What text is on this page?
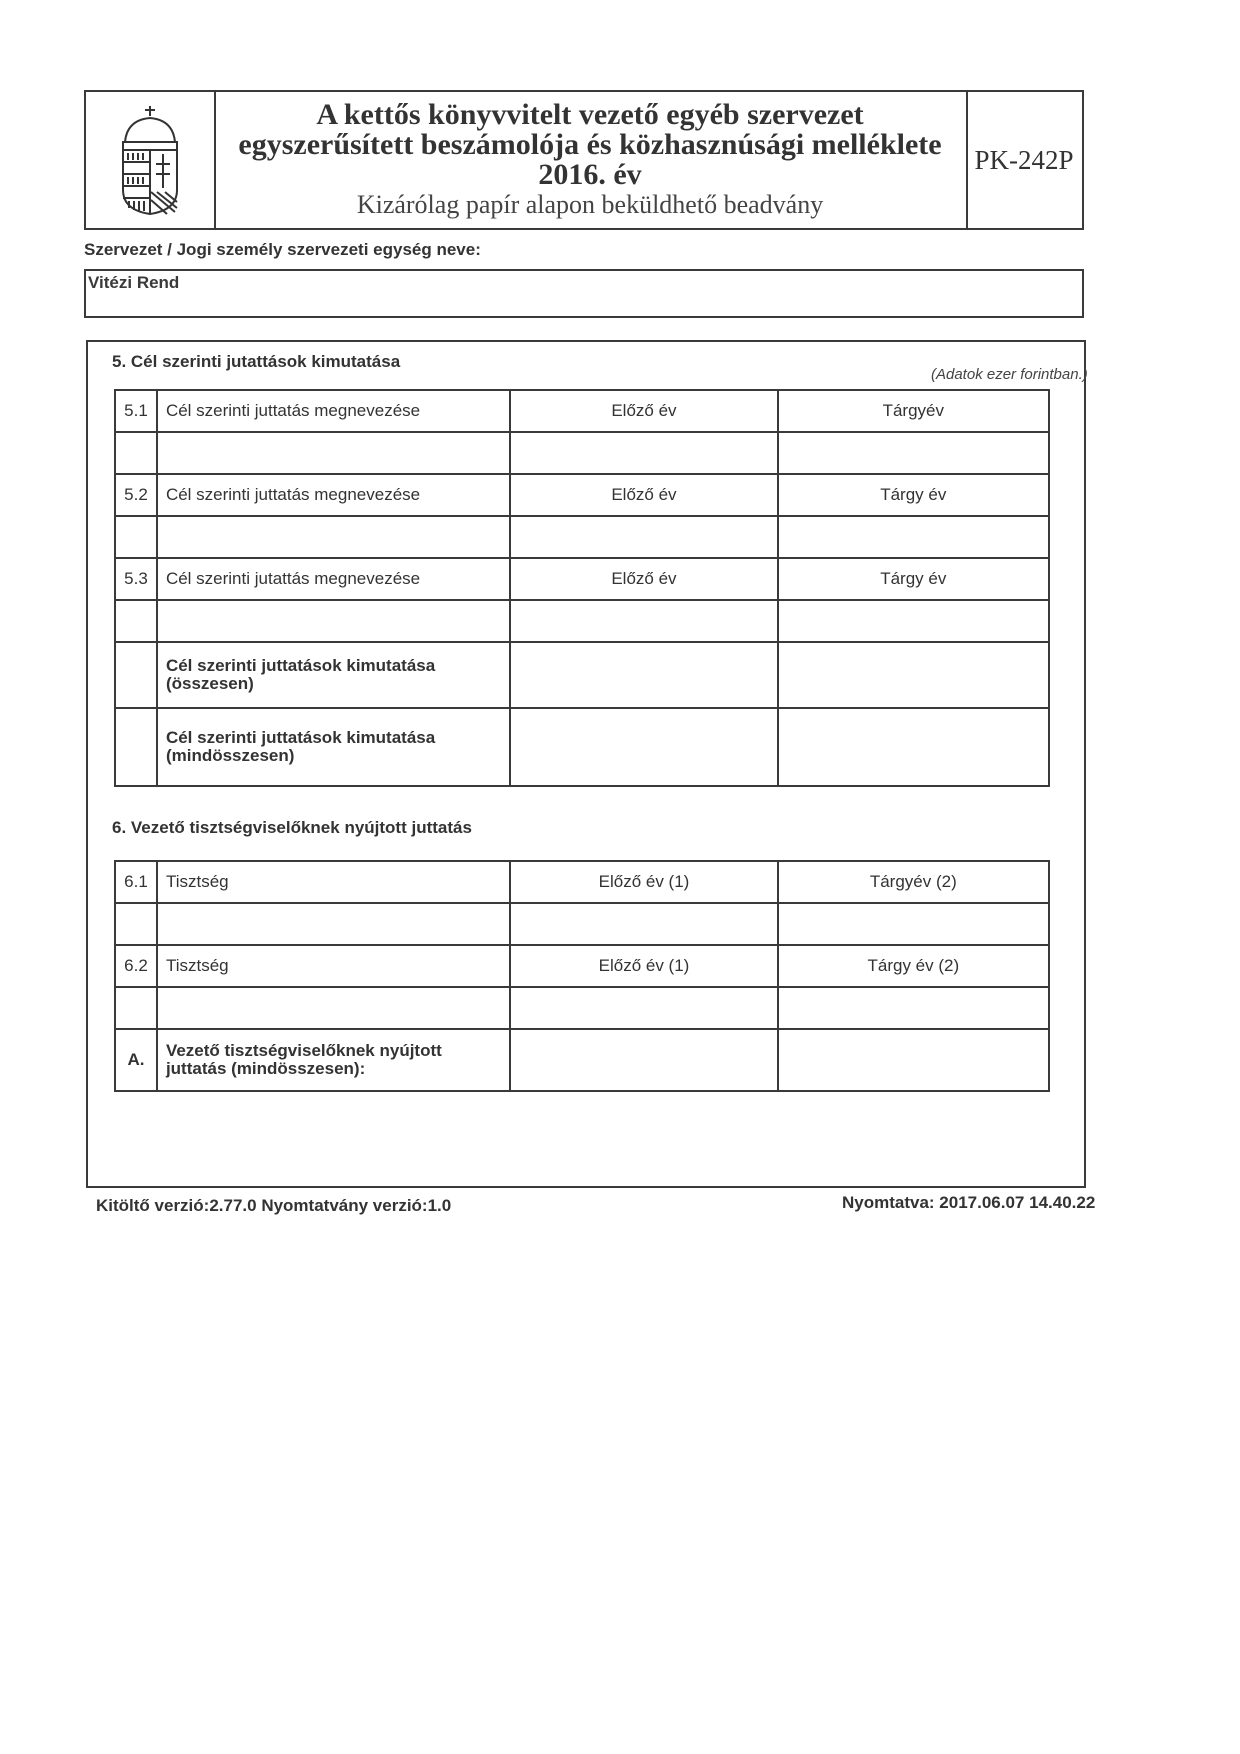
A kettős könyvvitelt vezető egyéb szervezet
egyszerűsített beszámolója és közhasznúsági melléklete
2016. év
Kizárólag papír alapon beküldhető beadvány
PK-242P
Szervezet / Jogi személy szervezeti egység neve:
Vitézi Rend
5. Cél szerinti jutattások kimutatása
(Adatok ezer forintban.)
5.1	Cél szerinti juttatás megnevezése	Előző év	Tárgyév

5.2	Cél szerinti juttatás megnevezése	Előző év	Tárgy év

5.3	Cél szerinti jutattás megnevezése	Előző év	Tárgy év

	Cél szerinti juttatások kimutatása
(összesen)		

	Cél szerinti juttatások kimutatása
(mindösszesen)		

6. Vezető tisztségviselőknek nyújtott juttatás
6.1	Tisztség	Előző év (1)	Tárgyév (2)

6.2	Tisztség	Előző év (1)	Tárgy év (2)

A.	Vezető tisztségviselőknek nyújtott
juttatás (mindösszesen):		

Kitöltő verzió:2.77.0 Nyomtatvány verzió:1.0	Nyomtatva: 2017.06.07 14.40.22
